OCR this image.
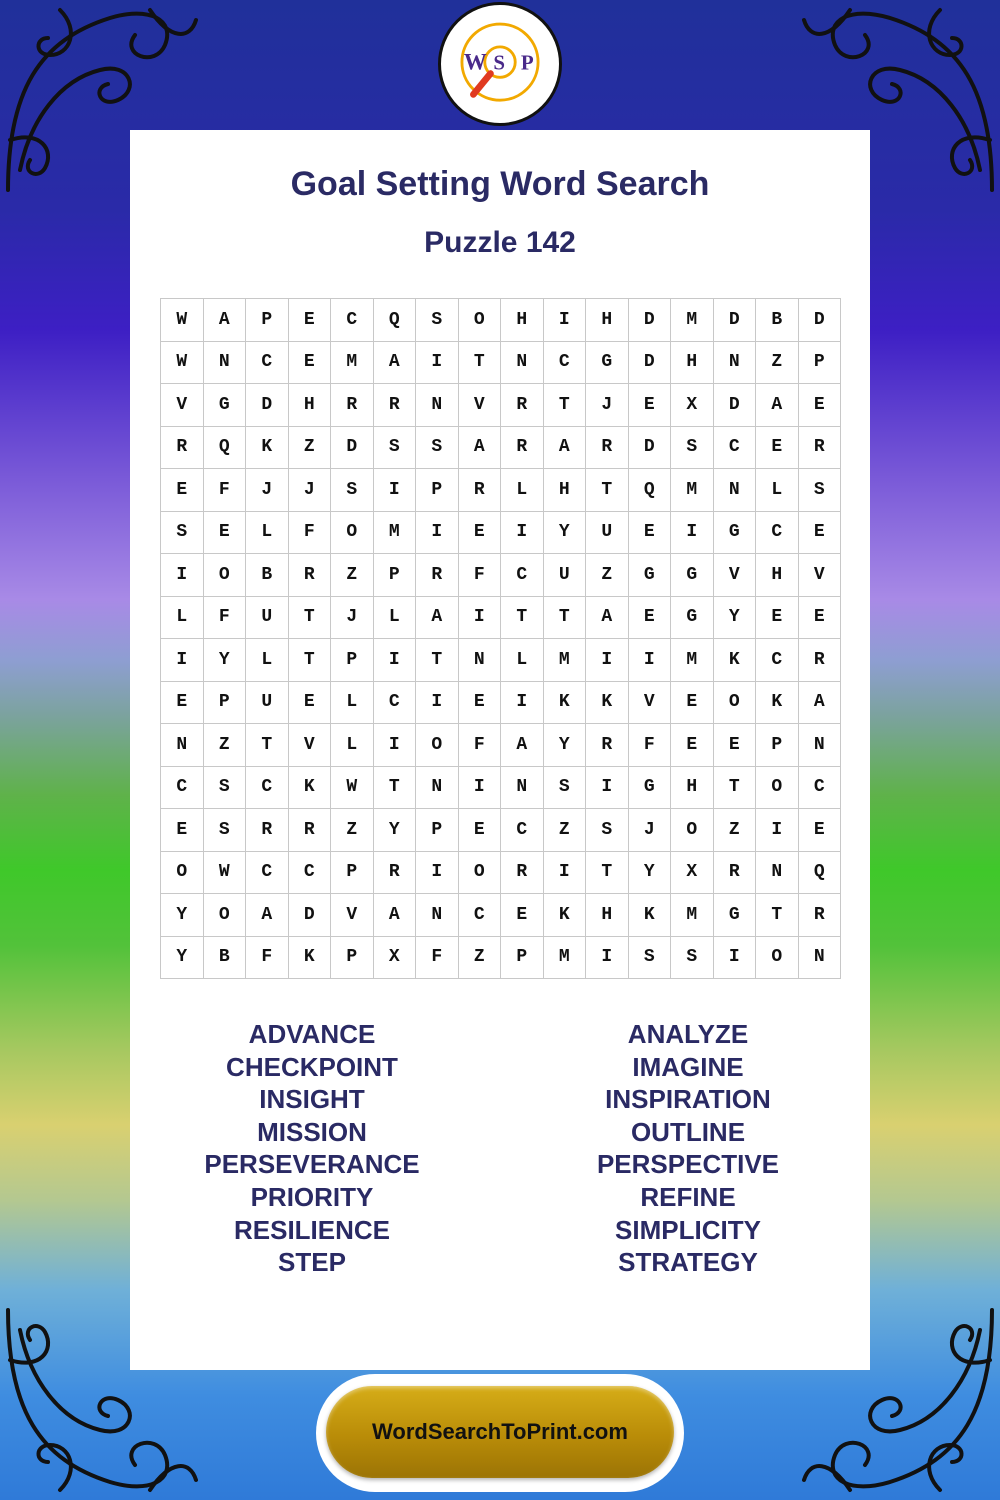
W S P
Goal Setting Word Search
Puzzle 142
W	A	P	E	C	Q	S	O	H	I	H	D	M	D	B	D
W	N	C	E	M	A	I	T	N	C	G	D	H	N	Z	P
V	G	D	H	R	R	N	V	R	T	J	E	X	D	A	E
R	Q	K	Z	D	S	S	A	R	A	R	D	S	C	E	R
E	F	J	J	S	I	P	R	L	H	T	Q	M	N	L	S
S	E	L	F	O	M	I	E	I	Y	U	E	I	G	C	E
I	O	B	R	Z	P	R	F	C	U	Z	G	G	V	H	V
L	F	U	T	J	L	A	I	T	T	A	E	G	Y	E	E
I	Y	L	T	P	I	T	N	L	M	I	I	M	K	C	R
E	P	U	E	L	C	I	E	I	K	K	V	E	O	K	A
N	Z	T	V	L	I	O	F	A	Y	R	F	E	E	P	N
C	S	C	K	W	T	N	I	N	S	I	G	H	T	O	C
E	S	R	R	Z	Y	P	E	C	Z	S	J	O	Z	I	E
O	W	C	C	P	R	I	O	R	I	T	Y	X	R	N	Q
Y	O	A	D	V	A	N	C	E	K	H	K	M	G	T	R
Y	B	F	K	P	X	F	Z	P	M	I	S	S	I	O	N
ADVANCE
CHECKPOINT
INSIGHT
MISSION
PERSEVERANCE
PRIORITY
RESILIENCE
STEP
ANALYZE
IMAGINE
INSPIRATION
OUTLINE
PERSPECTIVE
REFINE
SIMPLICITY
STRATEGY
WordSearchToPrint.com
